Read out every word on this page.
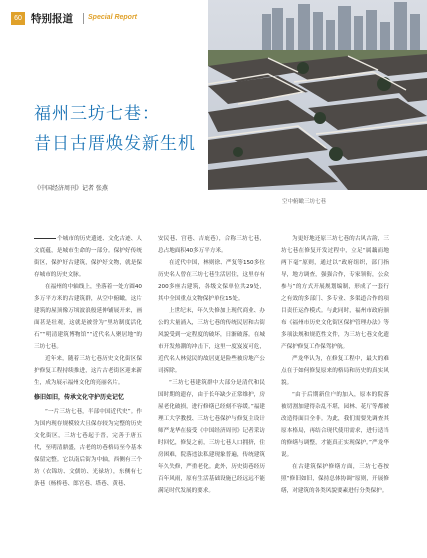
60 特别报道 Special Report
空中俯瞰三坊七巷
福州三坊七巷：
昔日古厝焕发新生机
《中国经济周刊》记者 张燕

个城市的历史遗迹、文化古迹、人文底蕴，是城市生命的一部分。保护好传统街区，保护好古建筑，保护好文物，就是保存城市的历史文脉。

在福州的中轴线上，坐落着一处方圆40多万平方米的古建筑群，从空中俯瞰，这片建筑的屋顶像万顷波浪般延伸铺展开来，画面甚是壮观，这就是被誉为“里坊制度活化石”“明清建筑博物馆”“近代名人聚居地”的三坊七巷。

近年来，随着三坊七巷历史文化街区保护修复工程持续推进，这片古老街区迎来新生，成为展示福州文化的亮丽名片。

修旧如旧，传承文化守护历史记忆

“一片三坊七巷，半部中国近代史”。作为国内现存规模较大且保存较为完整的历史文化街区，三坊七巷起于晋，完善于唐五代，至明清鼎盛，古老的坊巷格局至今基本保留完整。它以南后街为中轴，西侧有三个坊（衣锦坊、文儒坊、光禄坊），东侧有七条巷（杨桥巷、郎官巷、塔巷、黄巷、

安民巷、宫巷、吉庇巷），合称三坊七巷，总占地面积40多万平方米。

在近代中国，林则徐、严复等150多位历史名人曾在三坊七巷生活居住，这里存有200多座古建筑，各级文保单位共29处，其中全国重点文物保护单位15处。

上世纪末，年久失修加上现代商业、办公的大量涌入，三坊七巷的传统民居和古街风貌受到一定程度的破坏，日渐破落。在城市开发热潮的冲击下，这里一度岌岌可危，近代名人林觉民的故居更是险些被房地产公司拆除。

“三坊七巷建筑群中大部分是清代和民国时期的遗存，由于长年缺少正常维护，房屋老化破损，进行修缮已经刻不容缓。”福建理工大学教授、三坊七巷保护与修复主设计师严龙华在接受《中国经济周刊》记者采访时回忆，修复之前，三坊七巷人口拥挤，住房困难，院落违法私建现象普遍，传统建筑年久失修，严重老化。此外，历史街巷经历百年风雨，原有生活基础设施已经远远不能满足时代发展的要求。

为更好地还原三坊七巷的古风古韵，三坊七巷在修复开发过程中，立足“属藕而地两下毫”原则，通过以“政府组织，部门指导，地方调查，强强合作，专家领衔，公众参与”的方式开展规划编制，形成了一套行之有效的多部门、多专业、多渠道合作的项目责任运作模式。与此同时，福州市政府颁布《福州市历史文化街区保护管理办法》等多项法规和规范性文件，为三坊七巷文化遗产保护修复工作保驾护航。

严龙华认为，在修复工程中，最大的难点在于如何修复原来的格局和历史的真实风貌。

“由于后期新住户的加入，原本的院落被切割加建得杂乱不堪，园林、花厅等都被改造得面目全非。为此，我们需要先调查其原本格局，再结合现代使用需求，进行适当的修缮与调整，才能真正实现保护。”严龙华说。

在古建筑保护修缮方面，三坊七巷按照“修旧如旧，保持总体协调”原则，开展修缮，对建筑的各类风貌要素进行分类保护。
